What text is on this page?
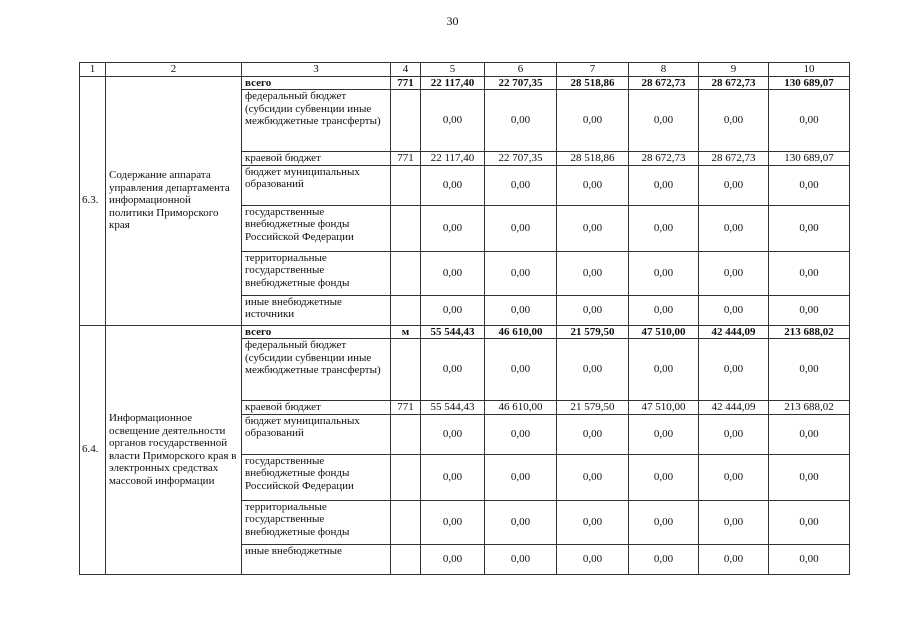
30
1	2	3	4	5	6	7	8	9	10
6.3.	Содержание аппарата управления департамента информационной политики Приморского края	всего	771	22 117,40	22 707,35	28 518,86	28 672,73	28 672,73	130 689,07
		федеральный бюджет (субсидии субвенции иные межбюджетные трансферты)		0,00	0,00	0,00	0,00	0,00	0,00
		краевой бюджет	771	22 117,40	22 707,35	28 518,86	28 672,73	28 672,73	130 689,07
		бюджет муниципальных образований		0,00	0,00	0,00	0,00	0,00	0,00
		государственные внебюджетные фонды Российской Федерации		0,00	0,00	0,00	0,00	0,00	0,00
		территориальные государственные внебюджетные фонды		0,00	0,00	0,00	0,00	0,00	0,00
		иные внебюджетные источники		0,00	0,00	0,00	0,00	0,00	0,00
6.4.	Информационное освещение деятельности органов государственной власти Приморского края в электронных средствах массовой информации	всего	м	55 544,43	46 610,00	21 579,50	47 510,00	42 444,09	213 688,02
		федеральный бюджет (субсидии субвенции иные межбюджетные трансферты)		0,00	0,00	0,00	0,00	0,00	0,00
		краевой бюджет	771	55 544,43	46 610,00	21 579,50	47 510,00	42 444,09	213 688,02
		бюджет муниципальных образований		0,00	0,00	0,00	0,00	0,00	0,00
		государственные внебюджетные фонды Российской Федерации		0,00	0,00	0,00	0,00	0,00	0,00
		территориальные государственные внебюджетные фонды		0,00	0,00	0,00	0,00	0,00	0,00
		иные внебюджетные		0,00	0,00	0,00	0,00	0,00	0,00
